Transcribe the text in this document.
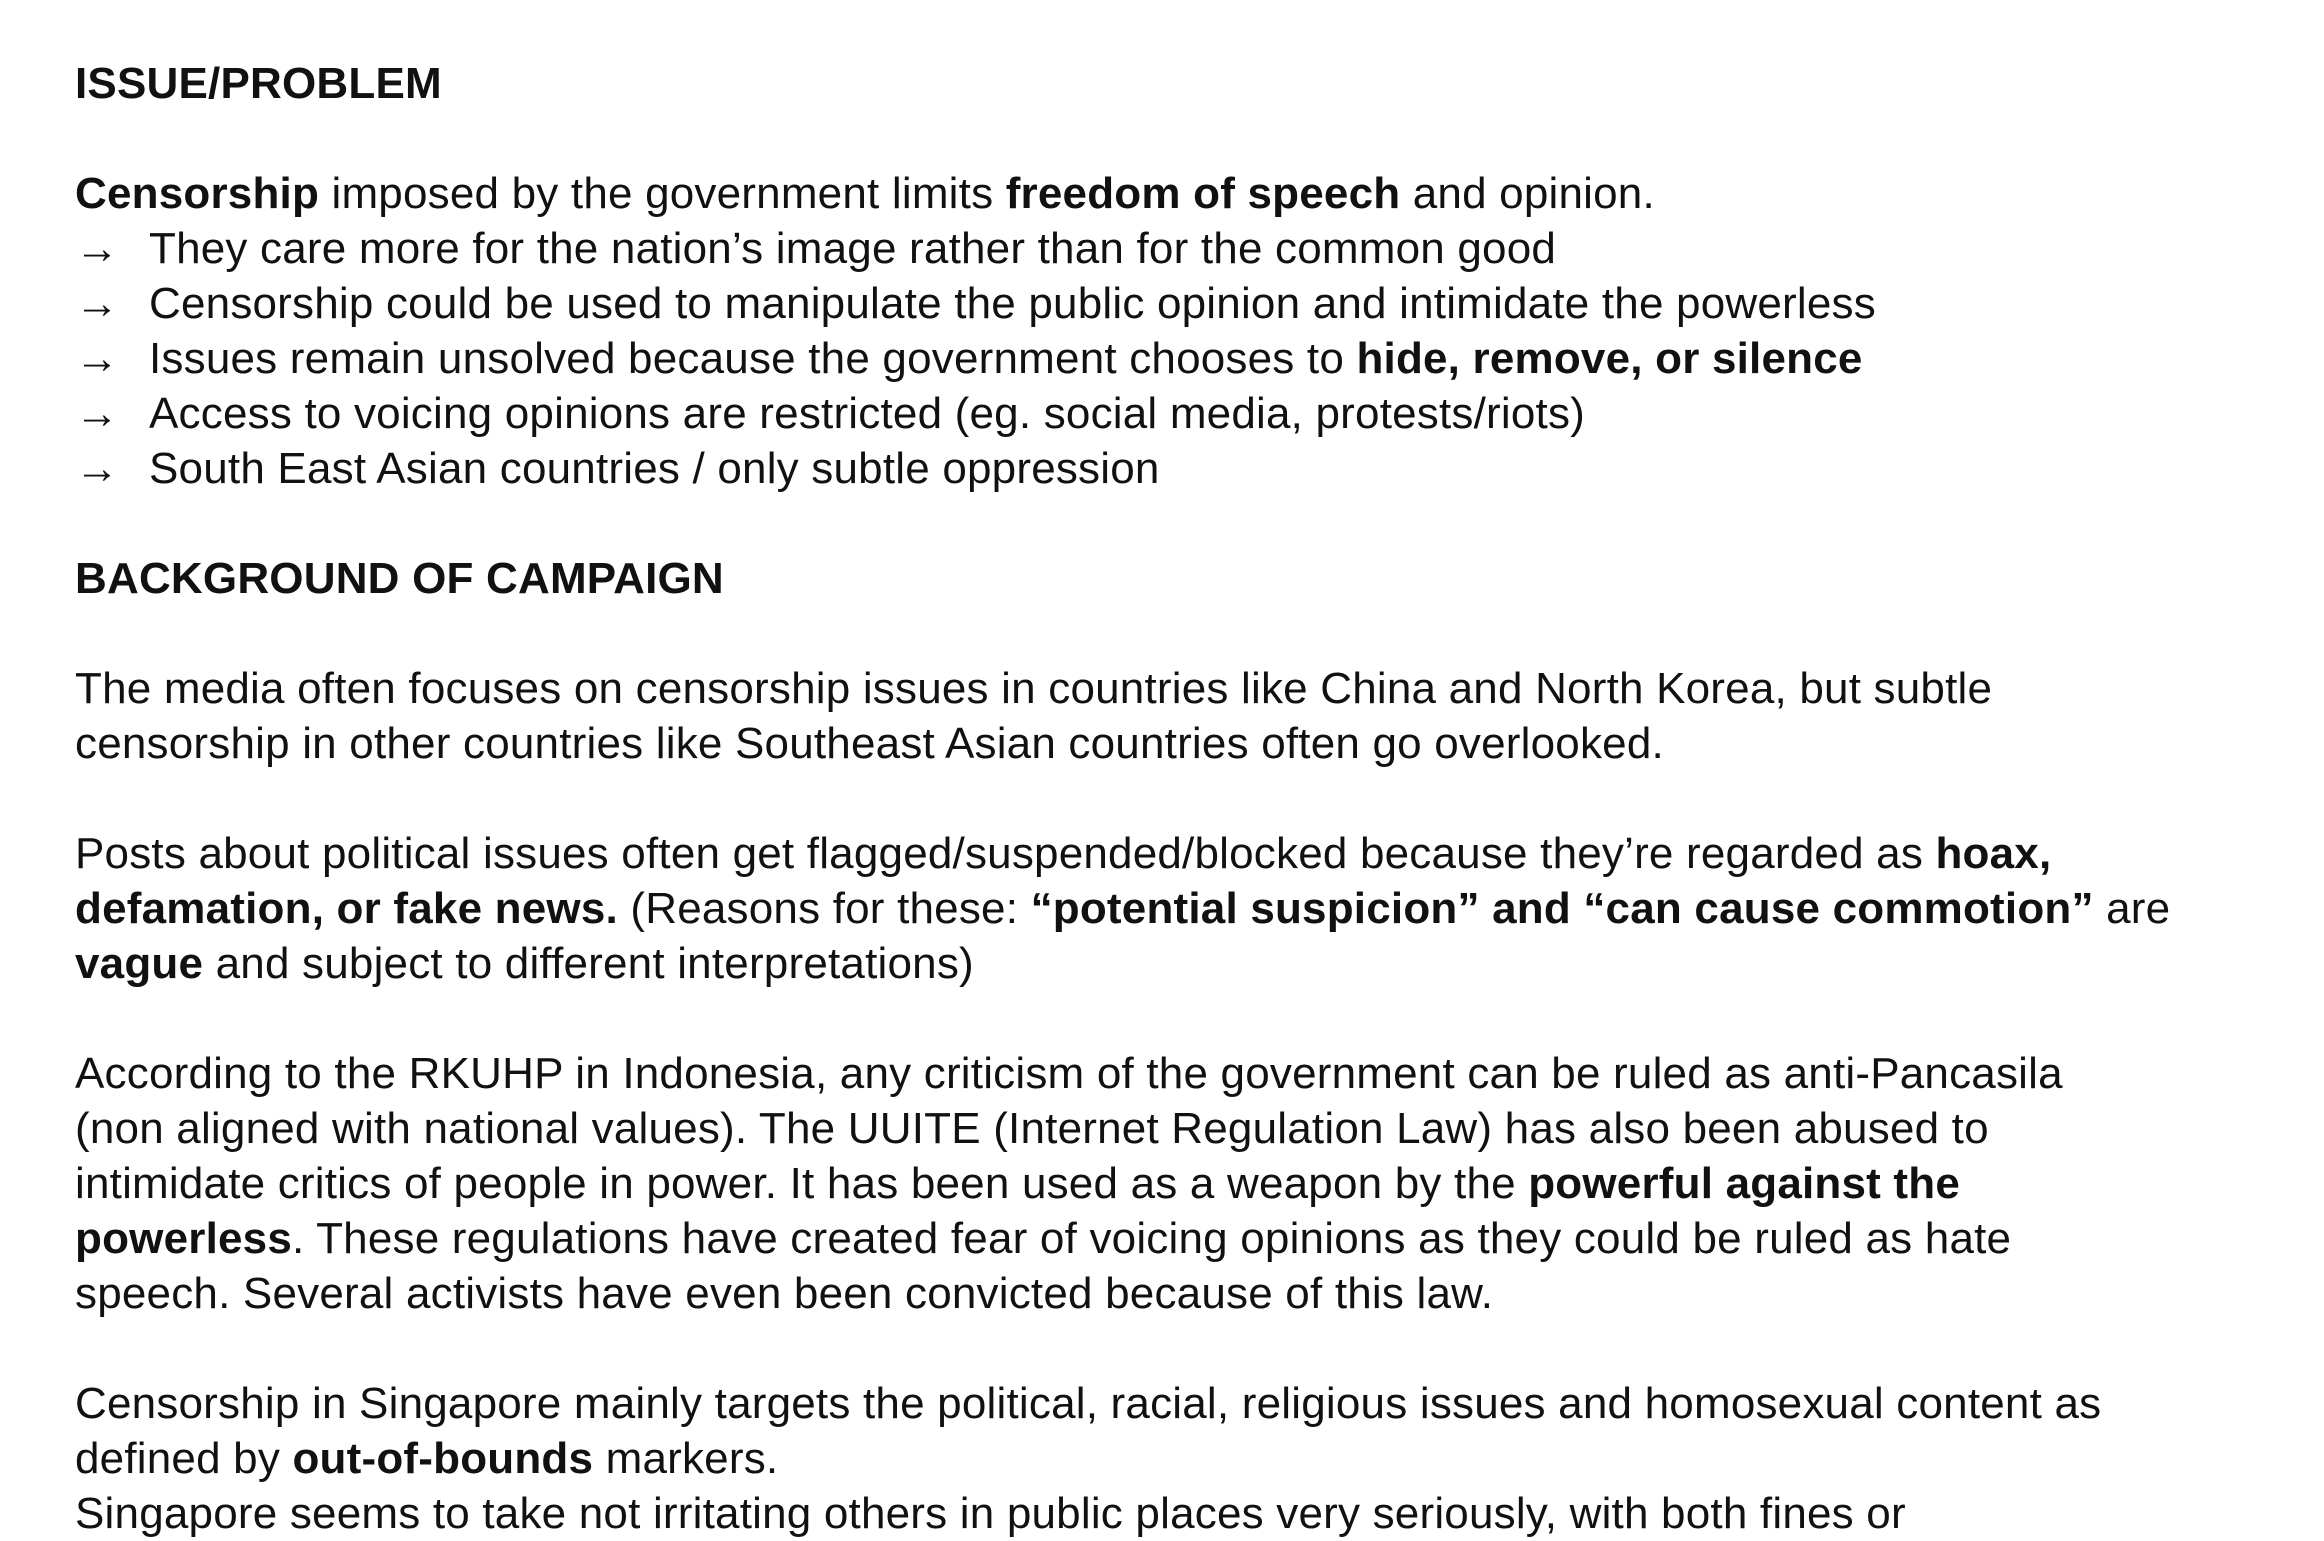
ISSUE/PROBLEM

Censorship imposed by the government limits freedom of speech and opinion.

→ They care more for the nation’s image rather than for the common good

→ Censorship could be used to manipulate the public opinion and intimidate the powerless

→ Issues remain unsolved because the government chooses to hide, remove, or silence

→ Access to voicing opinions are restricted (eg. social media, protests/riots)

→ South East Asian countries / only subtle oppression

BACKGROUND OF CAMPAIGN

The media often focuses on censorship issues in countries like China and North Korea, but subtle

censorship in other countries like Southeast Asian countries often go overlooked.

Posts about political issues often get flagged/suspended/blocked because they’re regarded as hoax,

defamation, or fake news. (Reasons for these: “potential suspicion” and “can cause commotion” are

vague and subject to different interpretations)

According to the RKUHP in Indonesia, any criticism of the government can be ruled as anti-Pancasila

(non aligned with national values). The UUITE (Internet Regulation Law) has also been abused to

intimidate critics of people in power. It has been used as a weapon by the powerful against the

powerless. These regulations have created fear of voicing opinions as they could be ruled as hate

speech. Several activists have even been convicted because of this law.

Censorship in Singapore mainly targets the political, racial, religious issues and homosexual content as

defined by out-of-bounds markers.

Singapore seems to take not irritating others in public places very seriously, with both fines or
